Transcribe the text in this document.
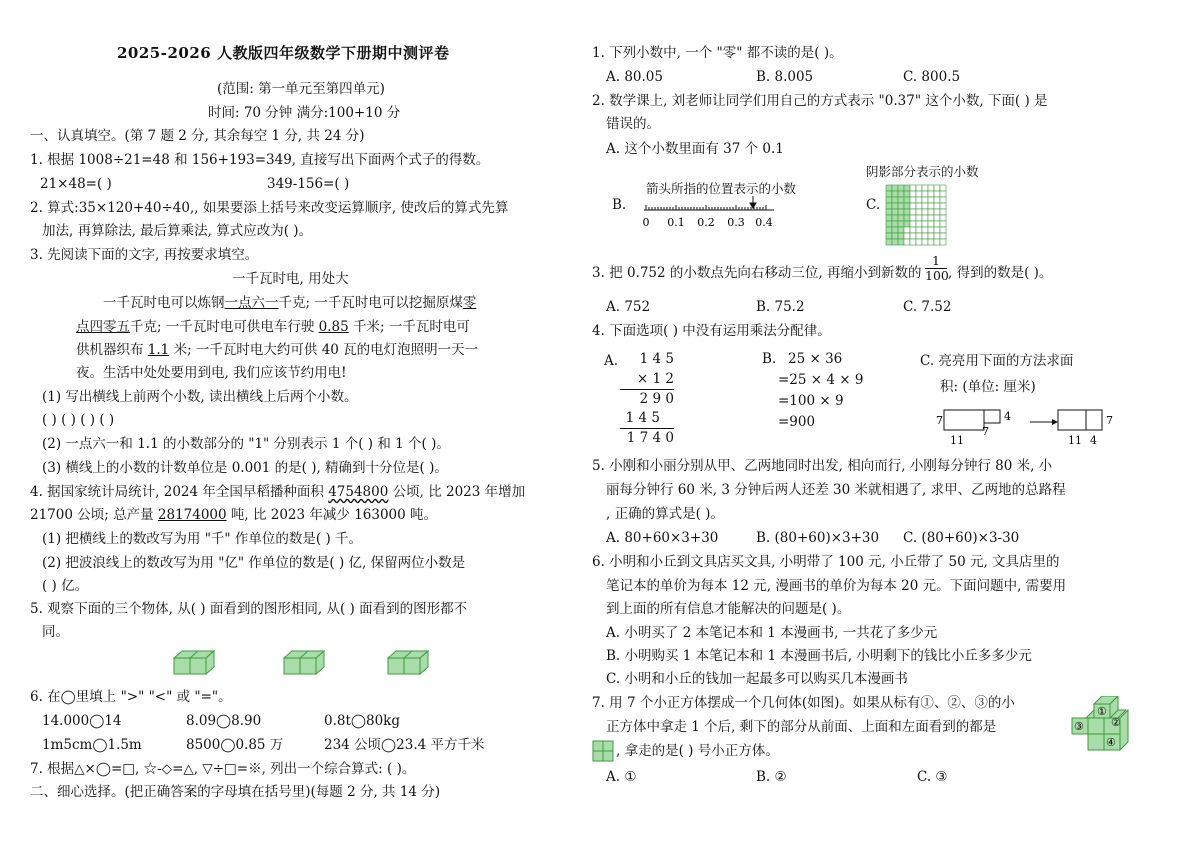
2025-2026 人教版四年级数学下册期中测评卷
(范围: 第一单元至第四单元)
时间: 70 分钟 满分:100+10 分
一、认真填空。(第 7 题 2 分, 其余每空 1 分, 共 24 分)
1. 根据 1008÷21=48 和 156+193=349, 直接写出下面两个式子的得数。
21×48=( )	349-156=( )
2. 算式:35×120+40÷40,, 如果要添上括号来改变运算顺序, 使改后的算式先算
加法, 再算除法, 最后算乘法, 算式应改为( )。
3. 先阅读下面的文字, 再按要求填空。
一千瓦时电, 用处大
一千瓦时电可以炼钢一点六一千克; 一千瓦时电可以挖掘原煤零
点四零五千克; 一千瓦时电可供电车行驶 0.85 千米; 一千瓦时电可
供机器织布 1.1 米; 一千瓦时电大约可供 40 瓦的电灯泡照明一天一
夜。生活中处处要用到电, 我们应该节约用电!
(1) 写出横线上前两个小数, 读出横线上后两个小数。
( ) ( ) ( ) ( )
(2) 一点六一和 1.1 的小数部分的 "1" 分别表示 1 个( ) 和 1 个( )。
(3) 横线上的小数的计数单位是 0.001 的是( ), 精确到十分位是( )。
4. 据国家统计局统计, 2024 年全国早稻播种面积 4754800 公顷, 比 2023 年增加
21700 公顷; 总产量 28174000 吨, 比 2023 年减少 163000 吨。
(1) 把横线上的数改写为用 "千" 作单位的数是( ) 千。
(2) 把波浪线上的数改写为用 "亿" 作单位的数是( ) 亿, 保留两位小数是
( ) 亿。
5. 观察下面的三个物体, 从( ) 面看到的图形相同, 从( ) 面看到的图形都不
同。
6. 在◯里填上 ">" "<" 或 "="。
14.000◯14	8.09◯8.90	0.8t◯80kg
1m5cm◯1.5m	8500◯0.85 万	234 公顷◯23.4 平方千米
7. 根据△×◯=□, ☆-◇=△, ▽÷□=※, 列出一个综合算式: ( )。
二、细心选择。(把正确答案的字母填在括号里)(每题 2 分, 共 14 分)
1. 下列小数中, 一个 "零" 都不读的是( )。
A. 80.05	B. 8.005	C. 800.5
2. 数学课上, 刘老师让同学们用自己的方式表示 "0.37" 这个小数, 下面( ) 是
错误的。
A. 这个小数里面有 37 个 0.1
B.
箭头所指的位置表示的小数
0 0.1 0.2 0.3 0.4
C.
阴影部分表示的小数
3. 把 0.752 的小数点先向右移动三位, 再缩小到新数的 $\frac{1}{100}$ , 得到的数是( )。
A. 752	B. 75.2	C. 7.52
4. 下面选项( ) 中没有运用乘法分配律。
A.	1 4 5
× 1 2
2 9 0
1 4 5
1 7 4 0
B. 25 × 36
=25 × 4 × 9
=100 × 9
=900
C. 亮亮用下面的方法求面
积: (单位: 厘米)
7	4
11
7
7
11 4
5. 小刚和小丽分别从甲、乙两地同时出发, 相向而行, 小刚每分钟行 80 米, 小
丽每分钟行 60 米, 3 分钟后两人还差 30 米就相遇了, 求甲、乙两地的总路程
, 正确的算式是( )。
A. 80+60×3+30	B. (80+60)×3+30 C. (80+60)×3-30
6. 小明和小丘到文具店买文具, 小明带了 100 元, 小丘带了 50 元, 文具店里的
笔记本的单价为每本 12 元, 漫画书的单价为每本 20 元。下面问题中, 需要用
到上面的所有信息才能解决的问题是( )。
A. 小明买了 2 本笔记本和 1 本漫画书, 一共花了多少元
B. 小明购买 1 本笔记本和 1 本漫画书后, 小明剩下的钱比小丘多多少元
C. 小明和小丘的钱加一起最多可以购买几本漫画书
7. 用 7 个小正方体摆成一个几何体(如图)。如果从标有①、②、③的小
正方体中拿走 1 个后, 剩下的部分从前面、上面和左面看到的都是
, 拿走的是( ) 号小正方体。
①
②
③
④
A. ①	B. ②	C. ③
